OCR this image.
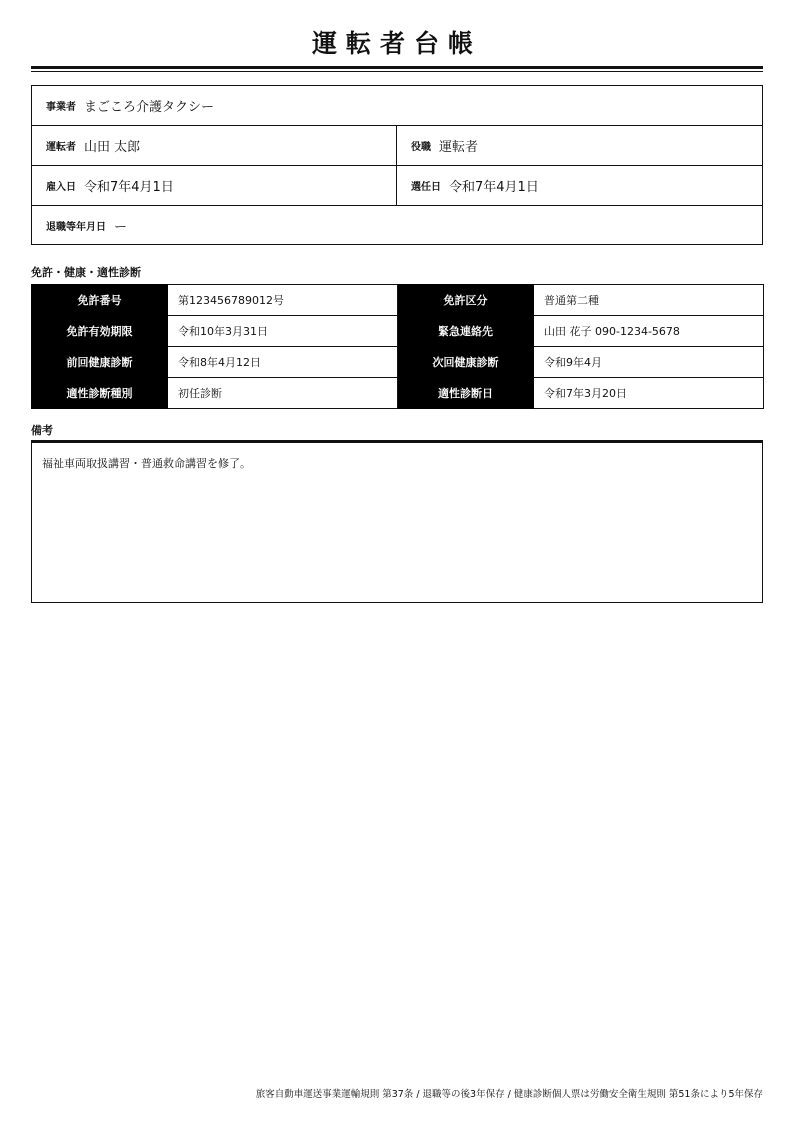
運転者台帳
事業者 まごころ介護タクシー
運転者 山田 太郎	役職 運転者
雇入日 令和7年4月1日	選任日 令和7年4月1日
退職等年月日 ー
免許・健康・適性診断
免許番号	第123456789012号	免許区分	普通第二種
免許有効期限	令和10年3月31日	緊急連絡先	山田 花子 090-1234-5678
前回健康診断	令和8年4月12日	次回健康診断	令和9年4月
適性診断種別	初任診断	適性診断日	令和7年3月20日
備考
福祉車両取扱講習・普通救命講習を修了。
旅客自動車運送事業運輸規則 第37条 / 退職等の後3年保存 / 健康診断個人票は労働安全衛生規則 第51条により5年保存
